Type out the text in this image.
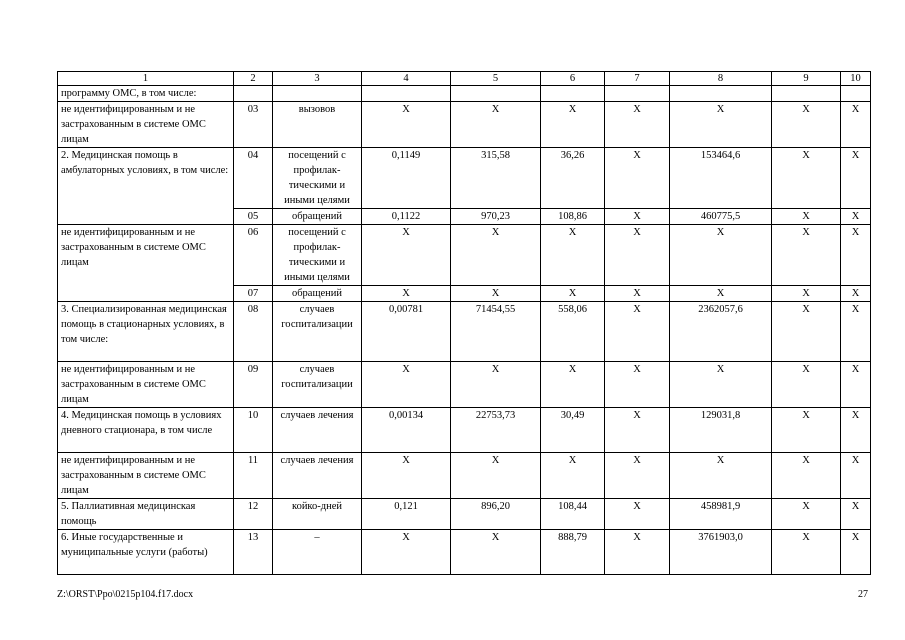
1	2	3	4	5	6	7	8	9	10
программу ОМС, в том числе:									
не идентифицированным и не застрахованным в системе ОМС лицам	03	вызовов	X	X	X	X	X	X	X
2. Медицинская помощь в амбулаторных условиях, в том числе:	04	посещений с профилак-тическими и иными целями	0,1149	315,58	36,26	X	153464,6	X	X
	05	обращений	0,1122	970,23	108,86	X	460775,5	X	X
не идентифицированным и не застрахованным в системе ОМС лицам	06	посещений с профилак-тическими и иными целями	X	X	X	X	X	X	X
	07	обращений	X	X	X	X	X	X	X
3. Специализированная медицинская помощь в стационарных условиях, в том числе:	08	случаев госпитализации	0,00781	71454,55	558,06	X	2362057,6	X	X
не идентифицированным и не застрахованным в системе ОМС лицам	09	случаев госпитализации	X	X	X	X	X	X	X
4. Медицинская помощь в условиях дневного стационара, в том числе	10	случаев лечения	0,00134	22753,73	30,49	X	129031,8	X	X
не идентифицированным и не застрахованным в системе ОМС лицам	11	случаев лечения	X	X	X	X	X	X	X
5. Паллиативная медицинская помощь	12	койко-дней	0,121	896,20	108,44	X	458981,9	X	X
6. Иные государственные и муниципальные услуги (работы)	13	–	X	X	888,79	X	3761903,0	X	X
Z:\ORST\Ppo\0215p104.f17.docx	27
